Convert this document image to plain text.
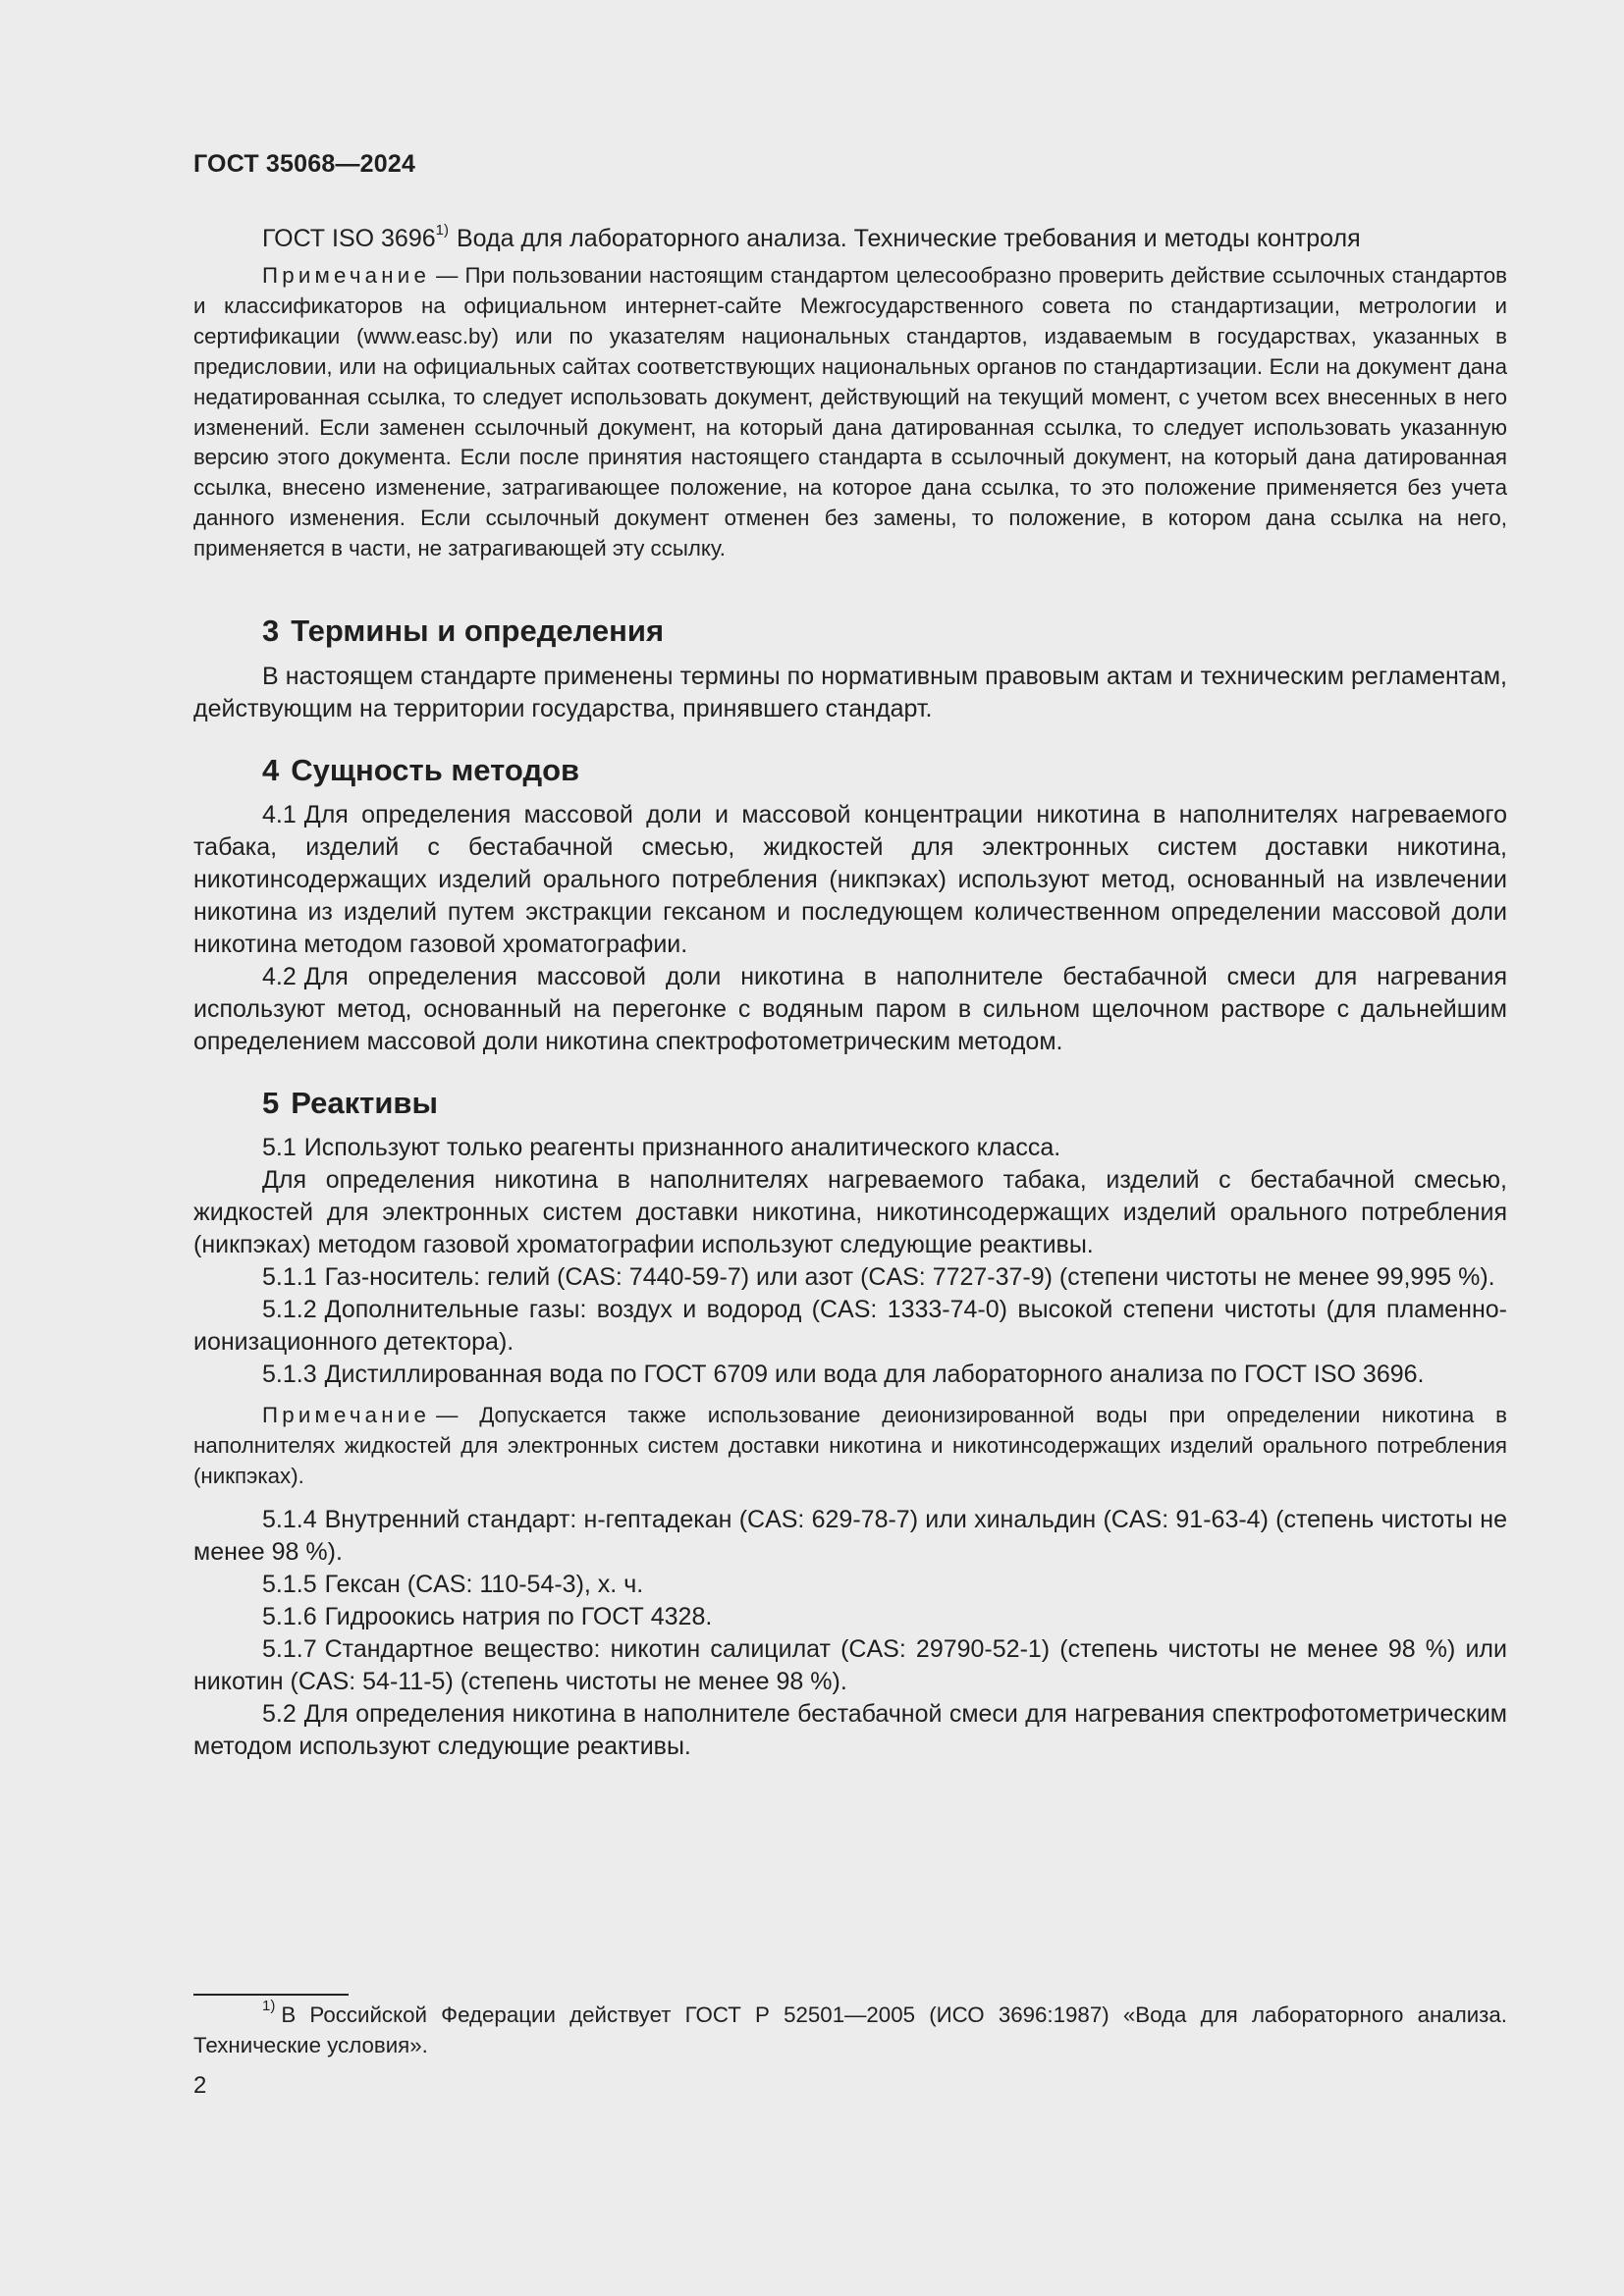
ГОСТ 35068—2024

ГОСТ ISO 3696$^{1)}$ Вода для лабораторного анализа. Технические требования и методы контроля

Примечание — При пользовании настоящим стандартом целесообразно проверить действие ссылочных стандартов и классификаторов на официальном интернет-сайте Межгосударственного совета по стандартизации, метрологии и сертификации (www.easc.by) или по указателям национальных стандартов, издаваемым в государствах, указанных в предисловии, или на официальных сайтах соответствующих национальных органов по стандартизации. Если на документ дана недатированная ссылка, то следует использовать документ, действующий на текущий момент, с учетом всех внесенных в него изменений. Если заменен ссылочный документ, на который дана датированная ссылка, то следует использовать указанную версию этого документа. Если после принятия настоящего стандарта в ссылочный документ, на который дана датированная ссылка, внесено изменение, затрагивающее положение, на которое дана ссылка, то это положение применяется без учета данного изменения. Если ссылочный документ отменен без замены, то положение, в котором дана ссылка на него, применяется в части, не затрагивающей эту ссылку.

3 Термины и определения

В настоящем стандарте применены термины по нормативным правовым актам и техническим регламентам, действующим на территории государства, принявшего стандарт.

4 Сущность методов

4.1 Для определения массовой доли и массовой концентрации никотина в наполнителях нагреваемого табака, изделий с бестабачной смесью, жидкостей для электронных систем доставки никотина, никотинсодержащих изделий орального потребления (никпэках) используют метод, основанный на извлечении никотина из изделий путем экстракции гексаном и последующем количественном определении массовой доли никотина методом газовой хроматографии.

4.2 Для определения массовой доли никотина в наполнителе бестабачной смеси для нагревания используют метод, основанный на перегонке с водяным паром в сильном щелочном растворе с дальнейшим определением массовой доли никотина спектрофотометрическим методом.

5 Реактивы

5.1 Используют только реагенты признанного аналитического класса.

Для определения никотина в наполнителях нагреваемого табака, изделий с бестабачной смесью, жидкостей для электронных систем доставки никотина, никотинсодержащих изделий орального потребления (никпэках) методом газовой хроматографии используют следующие реактивы.

5.1.1 Газ-носитель: гелий (CAS: 7440-59-7) или азот (CAS: 7727-37-9) (степени чистоты не менее 99,995 %).

5.1.2 Дополнительные газы: воздух и водород (CAS: 1333-74-0) высокой степени чистоты (для пламенно-ионизационного детектора).

5.1.3 Дистиллированная вода по ГОСТ 6709 или вода для лабораторного анализа по ГОСТ ISO 3696.

Примечание — Допускается также использование деионизированной воды при определении никотина в наполнителях жидкостей для электронных систем доставки никотина и никотинсодержащих изделий орального потребления (никпэках).

5.1.4 Внутренний стандарт: н-гептадекан (CAS: 629-78-7) или хинальдин (CAS: 91-63-4) (степень чистоты не менее 98 %).

5.1.5 Гексан (CAS: 110-54-3), х. ч.

5.1.6 Гидроокись натрия по ГОСТ 4328.

5.1.7 Стандартное вещество: никотин салицилат (CAS: 29790-52-1) (степень чистоты не менее 98 %) или никотин (CAS: 54-11-5) (степень чистоты не менее 98 %).

5.2 Для определения никотина в наполнителе бестабачной смеси для нагревания спектрофотометрическим методом используют следующие реактивы.

$^{1)}$ В Российской Федерации действует ГОСТ Р 52501—2005 (ИСО 3696:1987) «Вода для лабораторного анализа. Технические условия».

2
